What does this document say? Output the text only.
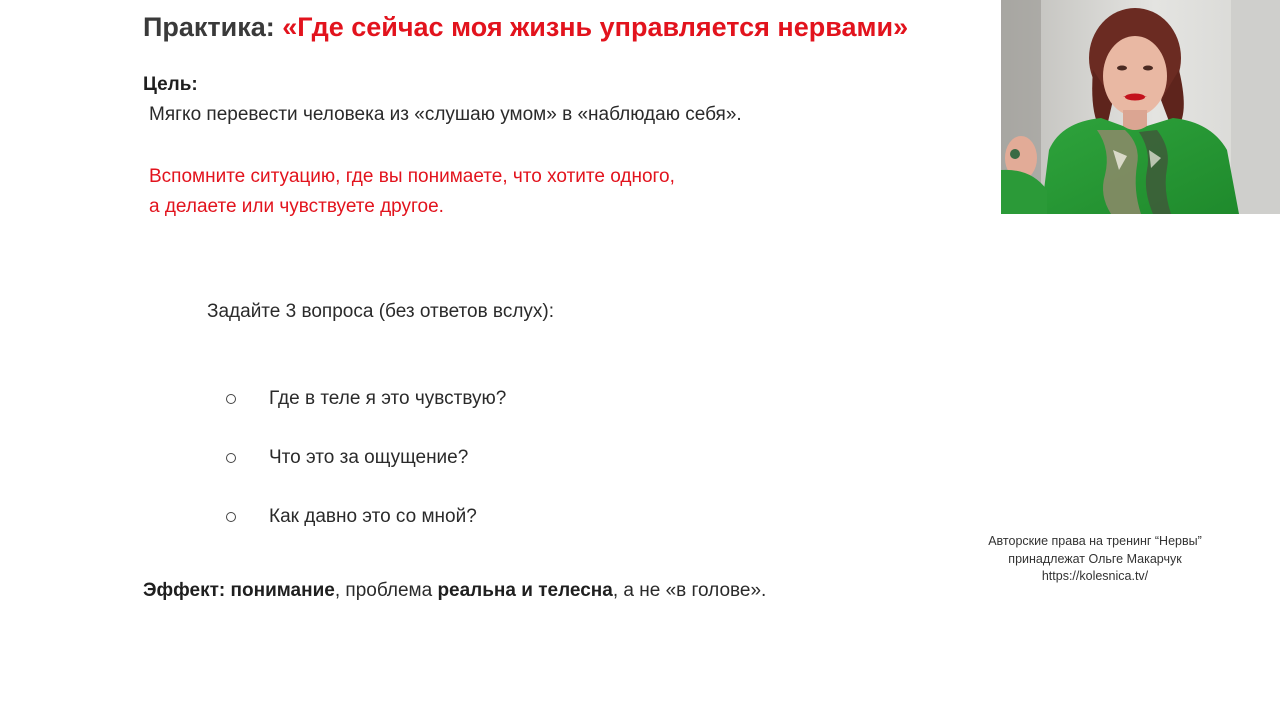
Практика: «Где сейчас моя жизнь управляется нервами»
Цель:
Мягко перевести человека из «слушаю умом» в «наблюдаю себя».
Вспомните ситуацию, где вы понимаете, что хотите одного,
а делаете или чувствуете другое.
Задайте 3 вопроса (без ответов вслух):
Где в теле я это чувствую?
Что это за ощущение?
Как давно это со мной?
Эффект: понимание, проблема реальна и телесна, а не «в голове».
Авторские права на тренинг “Нервы”
принадлежат Ольге Макарчук
https://kolesnica.tv/
